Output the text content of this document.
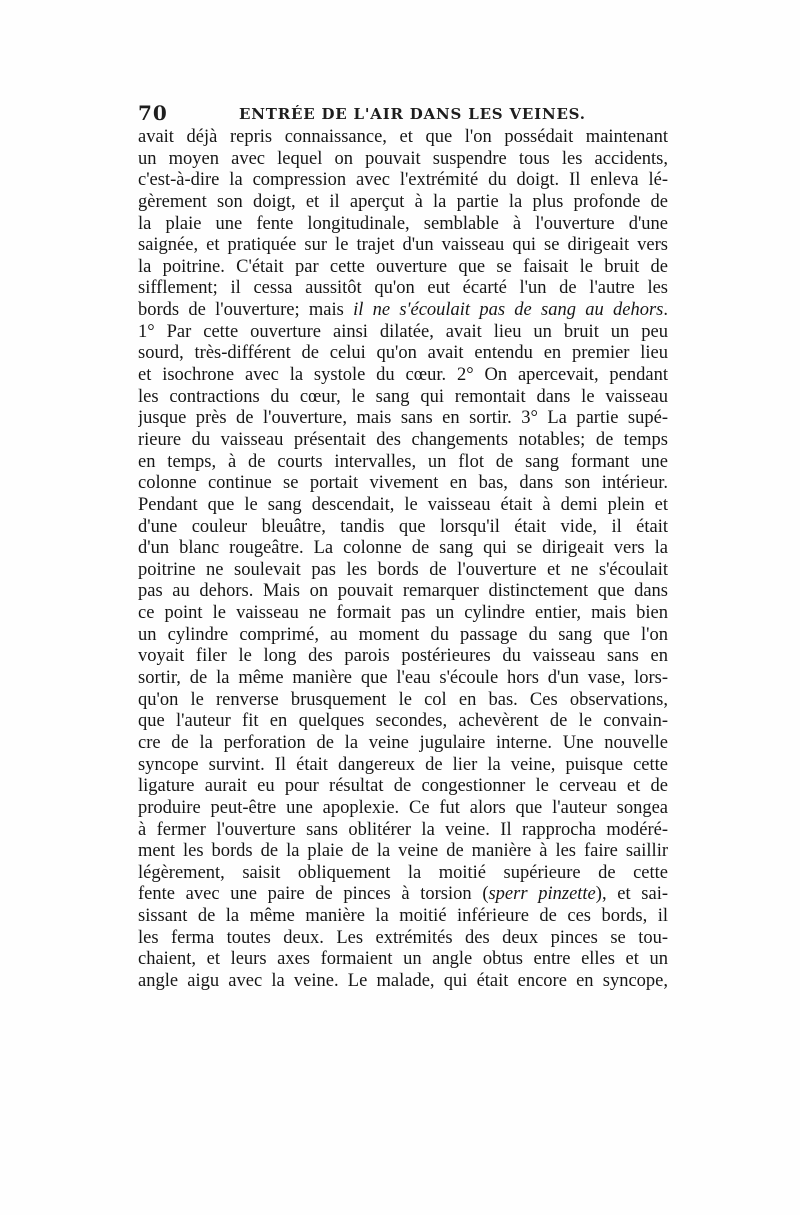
70	ENTRÉE DE L'AIR DANS LES VEINES.
avait déjà repris connaissance, et que l'on possédait maintenant
un moyen avec lequel on pouvait suspendre tous les accidents,
c'est-à-dire la compression avec l'extrémité du doigt. Il enleva lé-
gèrement son doigt, et il aperçut à la partie la plus profonde de
la plaie une fente longitudinale, semblable à l'ouverture d'une
saignée, et pratiquée sur le trajet d'un vaisseau qui se dirigeait vers
la poitrine. C'était par cette ouverture que se faisait le bruit de
sifflement; il cessa aussitôt qu'on eut écarté l'un de l'autre les
bords de l'ouverture; mais il ne s'écoulait pas de sang au dehors.
1° Par cette ouverture ainsi dilatée, avait lieu un bruit un peu
sourd, très-différent de celui qu'on avait entendu en premier lieu
et isochrone avec la systole du cœur. 2° On apercevait, pendant
les contractions du cœur, le sang qui remontait dans le vaisseau
jusque près de l'ouverture, mais sans en sortir. 3° La partie supé-
rieure du vaisseau présentait des changements notables; de temps
en temps, à de courts intervalles, un flot de sang formant une
colonne continue se portait vivement en bas, dans son intérieur.
Pendant que le sang descendait, le vaisseau était à demi plein et
d'une couleur bleuâtre, tandis que lorsqu'il était vide, il était
d'un blanc rougeâtre. La colonne de sang qui se dirigeait vers la
poitrine ne soulevait pas les bords de l'ouverture et ne s'écoulait
pas au dehors. Mais on pouvait remarquer distinctement que dans
ce point le vaisseau ne formait pas un cylindre entier, mais bien
un cylindre comprimé, au moment du passage du sang que l'on
voyait filer le long des parois postérieures du vaisseau sans en
sortir, de la même manière que l'eau s'écoule hors d'un vase, lors-
qu'on le renverse brusquement le col en bas. Ces observations,
que l'auteur fit en quelques secondes, achevèrent de le convain-
cre de la perforation de la veine jugulaire interne. Une nouvelle
syncope survint. Il était dangereux de lier la veine, puisque cette
ligature aurait eu pour résultat de congestionner le cerveau et de
produire peut-être une apoplexie. Ce fut alors que l'auteur songea
à fermer l'ouverture sans oblitérer la veine. Il rapprocha modéré-
ment les bords de la plaie de la veine de manière à les faire saillir
légèrement, saisit obliquement la moitié supérieure de cette
fente avec une paire de pinces à torsion (sperr pinzette), et sai-
sissant de la même manière la moitié inférieure de ces bords, il
les ferma toutes deux. Les extrémités des deux pinces se tou-
chaient, et leurs axes formaient un angle obtus entre elles et un
angle aigu avec la veine. Le malade, qui était encore en syncope,
